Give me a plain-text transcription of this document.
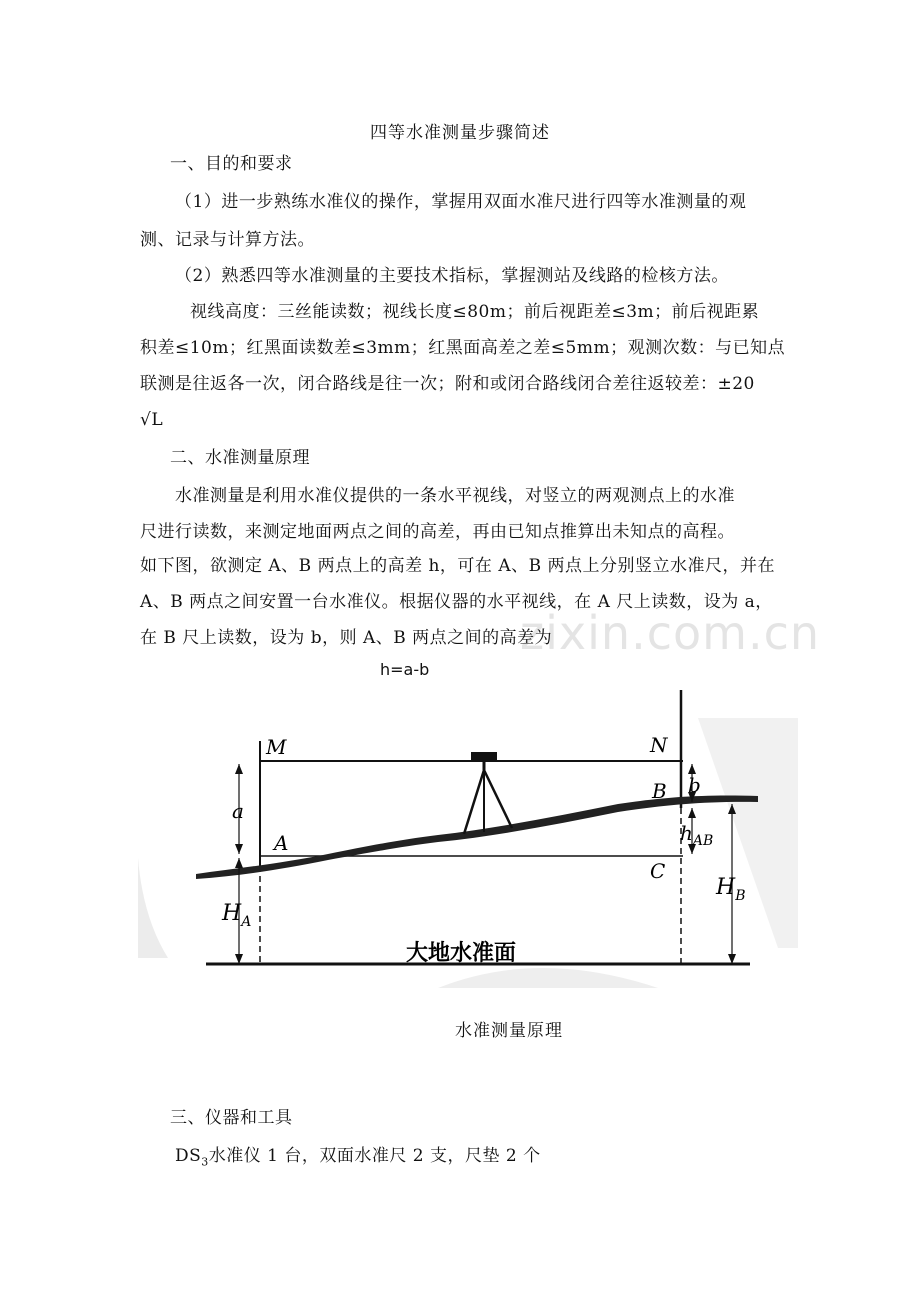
zixin.com.cn
四等水准测量步骤简述
一、目的和要求
（1）进一步熟练水准仪的操作，掌握用双面水准尺进行四等水准测量的观
测、记录与计算方法。
（2）熟悉四等水准测量的主要技术指标，掌握测站及线路的检核方法。
视线高度：三丝能读数；视线长度≤80m；前后视距差≤3m；前后视距累
积差≤10m；红黑面读数差≤3mm；红黑面高差之差≤5mm；观测次数：与已知点
联测是往返各一次，闭合路线是往一次；附和或闭合路线闭合差往返较差：±20
√L
二、水准测量原理
水准测量是利用水准仪提供的一条水平视线，对竖立的两观测点上的水准
尺进行读数，来测定地面两点之间的高差，再由已知点推算出未知点的高程。
如下图，欲测定 A、B 两点上的高差 h，可在 A、B 两点上分别竖立水准尺，并在
A、B 两点之间安置一台水准仪。根据仪器的水平视线，在 A 尺上读数，设为 a，
在 B 尺上读数，设为 b，则 A、B 两点之间的高差为
h=a-b
M	N
a
b
A
B
C
$h_{AB}$
$H_A$
$H_B$
大地水准面
水准测量原理
三、仪器和工具
$DS_3$水准仪 1 台，双面水准尺 2 支，尺垫 2 个
